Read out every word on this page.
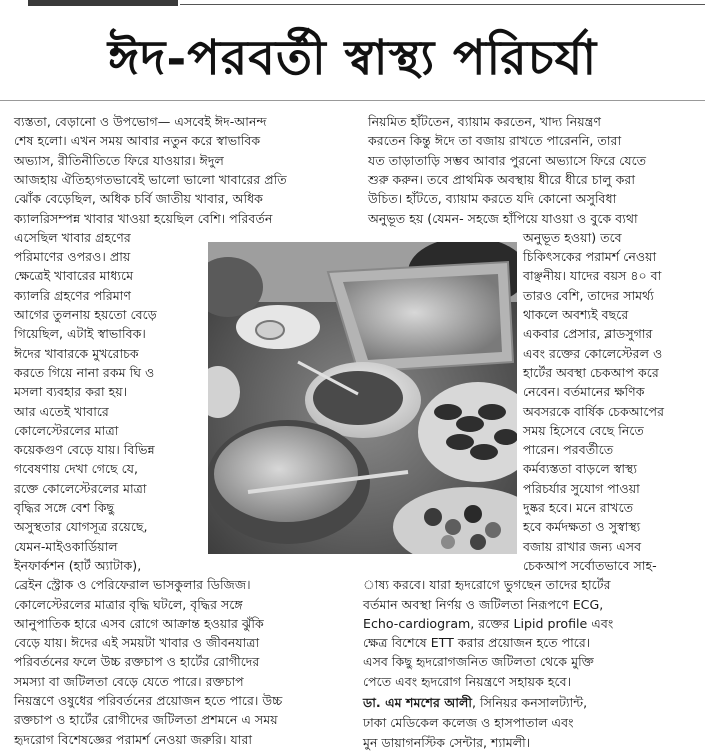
ঈদ-পরবর্তী স্বাস্থ্য পরিচর্যা
ব্যস্ততা, বেড়ানো ও উপভোগ— এসবেই ঈদ-আনন্দ
শেষ হলো। এখন সময় আবার নতুন করে স্বাভাবিক
অভ্যাস, রীতিনীতিতে ফিরে যাওয়ার। ঈদুল
আজহায় ঐতিহ্যগতভাবেই ভালো ভালো খাবারের প্রতি
ঝোঁক বেড়েছিল, অধিক চর্বি জাতীয় খাবার, অধিক
ক্যালরিসম্পন্ন খাবার খাওয়া হয়েছিল বেশি। পরিবর্তন
এসেছিল খাবার গ্রহণের
পরিমাণের ওপরও। প্রায়
ক্ষেত্রেই খাবারের মাধ্যমে
ক্যালরি গ্রহণের পরিমাণ
আগের তুলনায় হয়তো বেড়ে
গিয়েছিল, এটাই স্বাভাবিক।
ঈদের খাবারকে মুখরোচক
করতে গিয়ে নানা রকম ঘি ও
মসলা ব্যবহার করা হয়।
আর এতেই খাবারে
কোলেস্টেরলের মাত্রা
কয়েকগুণ বেড়ে যায়। বিভিন্ন
গবেষণায় দেখা গেছে যে,
রক্তে কোলেস্টেরলের মাত্রা
বৃদ্ধির সঙ্গে বেশ কিছু
অসুস্থতার যোগসূত্র রয়েছে,
যেমন-মাইওকার্ডিয়াল
ইনফার্কশন (হার্ট অ্যাটাক),
ব্রেইন স্ট্রোক ও পেরিফেরাল ভাসকুলার ডিজিজ।
কোলেস্টেরলের মাত্রার বৃদ্ধি ঘটলে, বৃদ্ধির সঙ্গে
আনুপাতিক হারে এসব রোগে আক্রান্ত হওয়ার ঝুঁকি
বেড়ে যায়। ঈদের এই সময়টা খাবার ও জীবনযাত্রা
পরিবর্তনের ফলে উচ্চ রক্তচাপ ও হার্টের রোগীদের
সমস্যা বা জটিলতা বেড়ে যেতে পারে। রক্তচাপ
নিয়ন্ত্রণে ওষুধের পরিবর্তনের প্রয়োজন হতে পারে। উচ্চ
রক্তচাপ ও হার্টের রোগীদের জটিলতা প্রশমনে এ সময়
হৃদরোগ বিশেষজ্ঞের পরামর্শ নেওয়া জরুরি। যারা
নিয়মিত হাঁটতেন, ব্যায়াম করতেন, খাদ্য নিয়ন্ত্রণ
করতেন কিন্তু ঈদে তা বজায় রাখতে পারেননি, তারা
যত তাড়াতাড়ি সম্ভব আবার পুরনো অভ্যাসে ফিরে যেতে
শুরু করুন। তবে প্রাথমিক অবস্থায় ধীরে ধীরে চালু করা
উচিত। হাঁটতে, ব্যায়াম করতে যদি কোনো অসুবিধা
অনুভূত হয় (যেমন- সহজে হাঁপিয়ে যাওয়া ও বুকে ব্যথা
অনুভূত হওয়া) তবে
চিকিৎসকের পরামর্শ নেওয়া
বাঞ্ছনীয়। যাদের বয়স ৪০ বা
তারও বেশি, তাদের সামর্থ্য
থাকলে অবশ্যই বছরে
একবার প্রেসার, ব্লাডসুগার
এবং রক্তের কোলেস্টেরল ও
হার্টের অবস্থা চেকআপ করে
নেবেন। বর্তমানের ক্ষণিক
অবসরকে বার্ষিক চেকআপের
সময় হিসেবে বেছে নিতে
পারেন। পরবর্তীতে
কর্মব্যস্ততা বাড়লে স্বাস্থ্য
পরিচর্যার সুযোগ পাওয়া
দুষ্কর হবে। মনে রাখতে
হবে কর্মদক্ষতা ও সুস্বাস্থ্য
বজায় রাখার জন্য এসব
চেকআপ সর্বোতভাবে সাহ-
াষ্য করবে। যারা হৃদরোগে ভুগছেন তাদের হার্টের
বর্তমান অবস্থা নির্ণয় ও জটিলতা নিরূপণে ECG,
Echo-cardiogram, রক্তের Lipid profile এবং
ক্ষেত্র বিশেষে ETT করার প্রয়োজন হতে পারে।
এসব কিছু হৃদরোগজনিত জটিলতা থেকে মুক্তি
পেতে এবং হৃদরোগ নিয়ন্ত্রণে সহায়ক হবে।
ডা. এম শমশের আলী, সিনিয়র কনসালট্যান্ট,
ঢাকা মেডিকেল কলেজ ও হাসপাতাল এবং
মুন ডায়াগনস্টিক সেন্টার, শ্যামলী।
